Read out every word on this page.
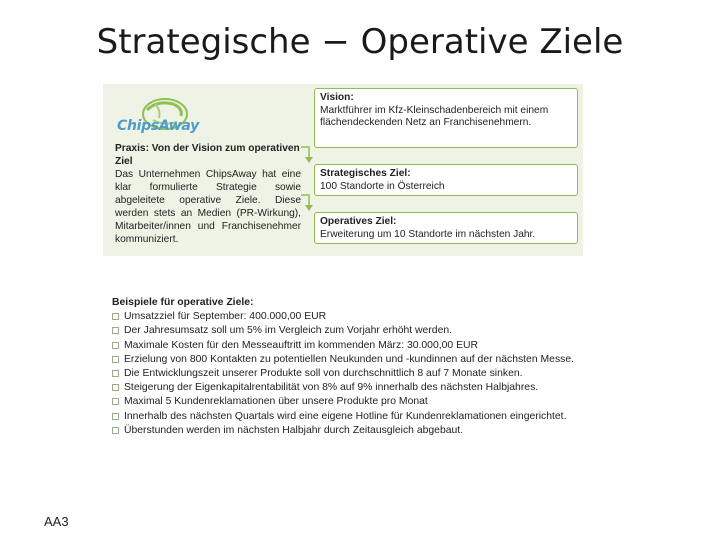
Strategische − Operative Ziele
ChipsAway
Praxis: Von der Vision zum operativen Ziel
Das Unternehmen ChipsAway hat eine klar formulierte Strategie sowie abgeleitete operative Ziele. Diese werden stets an Medien (PR-Wirkung), Mitarbeiter/innen und Franchisenehmer kommuniziert.
Vision:
Marktführer im Kfz-Kleinschadenbereich mit einem flächendeckenden Netz an Franchisenehmern.
Strategisches Ziel:
100 Standorte in Österreich
Operatives Ziel:
Erweiterung um 10 Standorte im nächsten Jahr.
Beispiele für operative Ziele:
Umsatzziel für September: 400.000,00 EUR
Der Jahresumsatz soll um 5% im Vergleich zum Vorjahr erhöht werden.
Maximale Kosten für den Messeauftritt im kommenden März: 30.000,00 EUR
Erzielung von 800 Kontakten zu potentiellen Neukunden und -kundinnen auf der nächsten Messe.
Die Entwicklungszeit unserer Produkte soll von durchschnittlich 8 auf 7 Monate sinken.
Steigerung der Eigenkapitalrentabilität von 8% auf 9% innerhalb des nächsten Halbjahres.
Maximal 5 Kundenreklamationen über unsere Produkte pro Monat
Innerhalb des nächsten Quartals wird eine eigene Hotline für Kundenreklamationen eingerichtet.
Überstunden werden im nächsten Halbjahr durch Zeitausgleich abgebaut.
AA3
